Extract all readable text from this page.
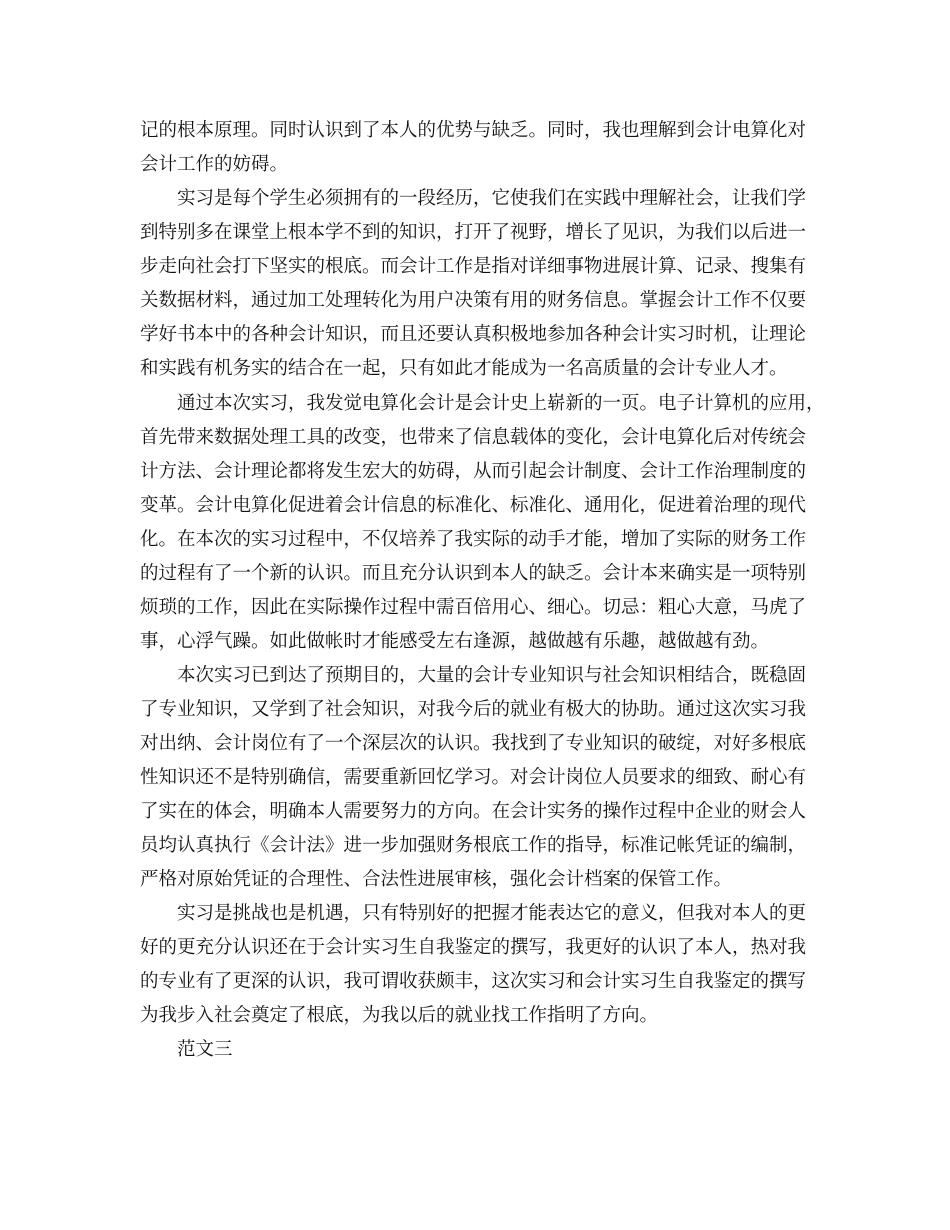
记的根本原理。同时认识到了本人的优势与缺乏。同时，我也理解到会计电算化对
会计工作的妨碍。
　　实习是每个学生必须拥有的一段经历，它使我们在实践中理解社会，让我们学
到特别多在课堂上根本学不到的知识，打开了视野，增长了见识，为我们以后进一
步走向社会打下坚实的根底。而会计工作是指对详细事物进展计算、记录、搜集有
关数据材料，通过加工处理转化为用户决策有用的财务信息。掌握会计工作不仅要
学好书本中的各种会计知识，而且还要认真积极地参加各种会计实习时机，让理论
和实践有机务实的结合在一起，只有如此才能成为一名高质量的会计专业人才。
　　通过本次实习，我发觉电算化会计是会计史上崭新的一页。电子计算机的应用，
首先带来数据处理工具的改变，也带来了信息载体的变化，会计电算化后对传统会
计方法、会计理论都将发生宏大的妨碍，从而引起会计制度、会计工作治理制度的
变革。会计电算化促进着会计信息的标准化、标准化、通用化，促进着治理的现代
化。在本次的实习过程中，不仅培养了我实际的动手才能，增加了实际的财务工作
的过程有了一个新的认识。而且充分认识到本人的缺乏。会计本来确实是一项特别
烦琐的工作，因此在实际操作过程中需百倍用心、细心。切忌：粗心大意，马虎了
事，心浮气躁。如此做帐时才能感受左右逢源，越做越有乐趣，越做越有劲。
　　本次实习已到达了预期目的，大量的会计专业知识与社会知识相结合，既稳固
了专业知识，又学到了社会知识，对我今后的就业有极大的协助。通过这次实习我
对出纳、会计岗位有了一个深层次的认识。我找到了专业知识的破绽，对好多根底
性知识还不是特别确信，需要重新回忆学习。对会计岗位人员要求的细致、耐心有
了实在的体会，明确本人需要努力的方向。在会计实务的操作过程中企业的财会人
员均认真执行《会计法》进一步加强财务根底工作的指导，标准记帐凭证的编制，
严格对原始凭证的合理性、合法性进展审核，强化会计档案的保管工作。
　　实习是挑战也是机遇，只有特别好的把握才能表达它的意义，但我对本人的更
好的更充分认识还在于会计实习生自我鉴定的撰写，我更好的认识了本人，热对我
的专业有了更深的认识，我可谓收获颇丰，这次实习和会计实习生自我鉴定的撰写
为我步入社会奠定了根底，为我以后的就业找工作指明了方向。
　　范文三
